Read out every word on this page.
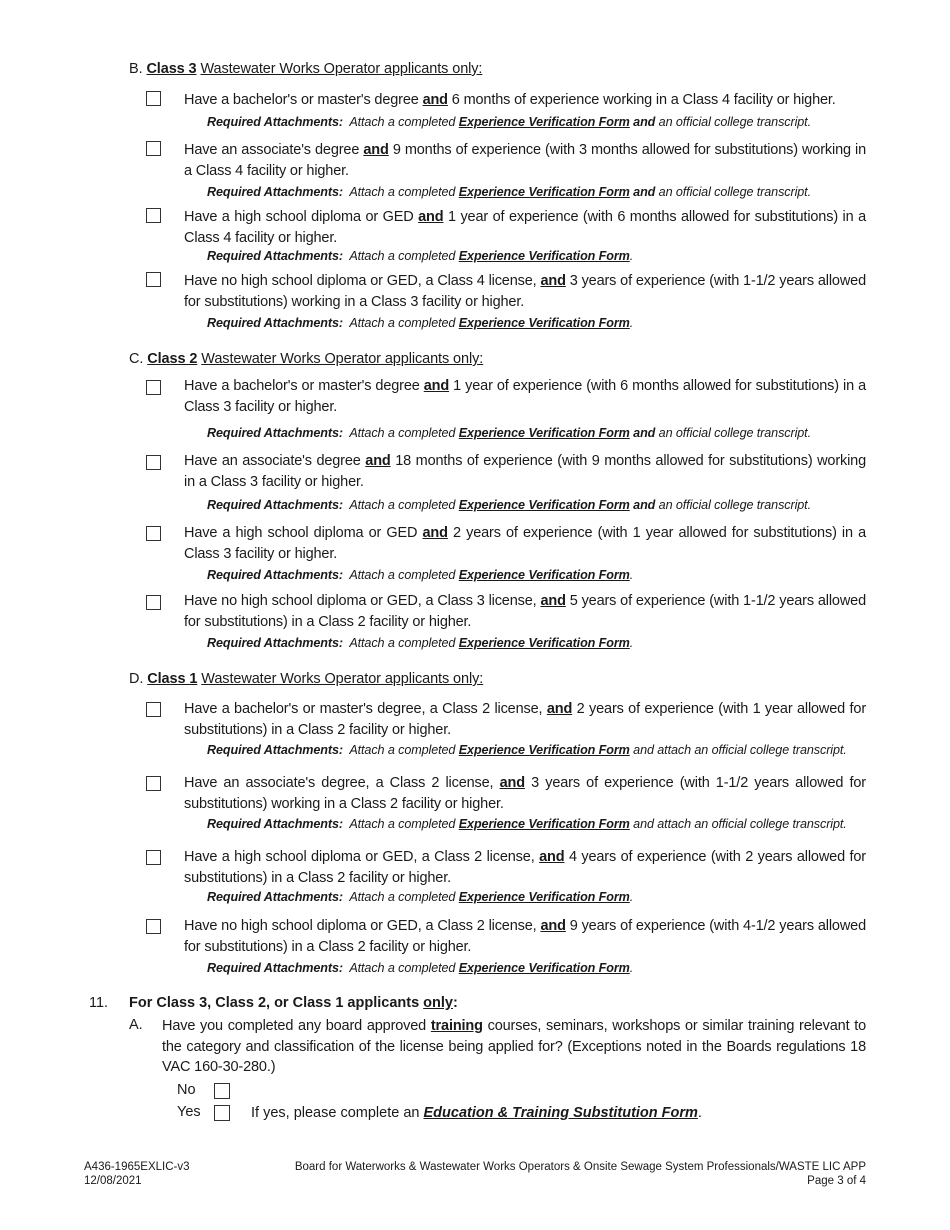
B. Class 3 Wastewater Works Operator applicants only:
Have a bachelor's or master's degree and 6 months of experience working in a Class 4 facility or higher.
Required Attachments: Attach a completed Experience Verification Form and an official college transcript.
Have an associate's degree and 9 months of experience (with 3 months allowed for substitutions) working in a Class 4 facility or higher.
Required Attachments: Attach a completed Experience Verification Form and an official college transcript.
Have a high school diploma or GED and 1 year of experience (with 6 months allowed for substitutions) in a Class 4 facility or higher.
Required Attachments: Attach a completed Experience Verification Form.
Have no high school diploma or GED, a Class 4 license, and 3 years of experience (with 1-1/2 years allowed for substitutions) working in a Class 3 facility or higher.
Required Attachments: Attach a completed Experience Verification Form.
C. Class 2 Wastewater Works Operator applicants only:
Have a bachelor's or master's degree and 1 year of experience (with 6 months allowed for substitutions) in a Class 3 facility or higher.
Required Attachments: Attach a completed Experience Verification Form and an official college transcript.
Have an associate's degree and 18 months of experience (with 9 months allowed for substitutions) working in a Class 3 facility or higher.
Required Attachments: Attach a completed Experience Verification Form and an official college transcript.
Have a high school diploma or GED and 2 years of experience (with 1 year allowed for substitutions) in a Class 3 facility or higher.
Required Attachments: Attach a completed Experience Verification Form.
Have no high school diploma or GED, a Class 3 license, and 5 years of experience (with 1-1/2 years allowed for substitutions) in a Class 2 facility or higher.
Required Attachments: Attach a completed Experience Verification Form.
D. Class 1 Wastewater Works Operator applicants only:
Have a bachelor's or master's degree, a Class 2 license, and 2 years of experience (with 1 year allowed for substitutions) in a Class 2 facility or higher.
Required Attachments: Attach a completed Experience Verification Form and attach an official college transcript.
Have an associate's degree, a Class 2 license, and 3 years of experience (with 1-1/2 years allowed for substitutions) working in a Class 2 facility or higher.
Required Attachments: Attach a completed Experience Verification Form and attach an official college transcript.
Have a high school diploma or GED, a Class 2 license, and 4 years of experience (with 2 years allowed for substitutions) in a Class 2 facility or higher.
Required Attachments: Attach a completed Experience Verification Form.
Have no high school diploma or GED, a Class 2 license, and 9 years of experience (with 4-1/2 years allowed for substitutions) in a Class 2 facility or higher.
Required Attachments: Attach a completed Experience Verification Form.
11. For Class 3, Class 2, or Class 1 applicants only:
A. Have you completed any board approved training courses, seminars, workshops or similar training relevant to the category and classification of the license being applied for? (Exceptions noted in the Boards regulations 18 VAC 160-30-280.)
No
Yes	If yes, please complete an Education & Training Substitution Form.
A436-1965EXLIC-v3
12/08/2021
Board for Waterworks & Wastewater Works Operators & Onsite Sewage System Professionals/WASTE LIC APP
Page 3 of 4
